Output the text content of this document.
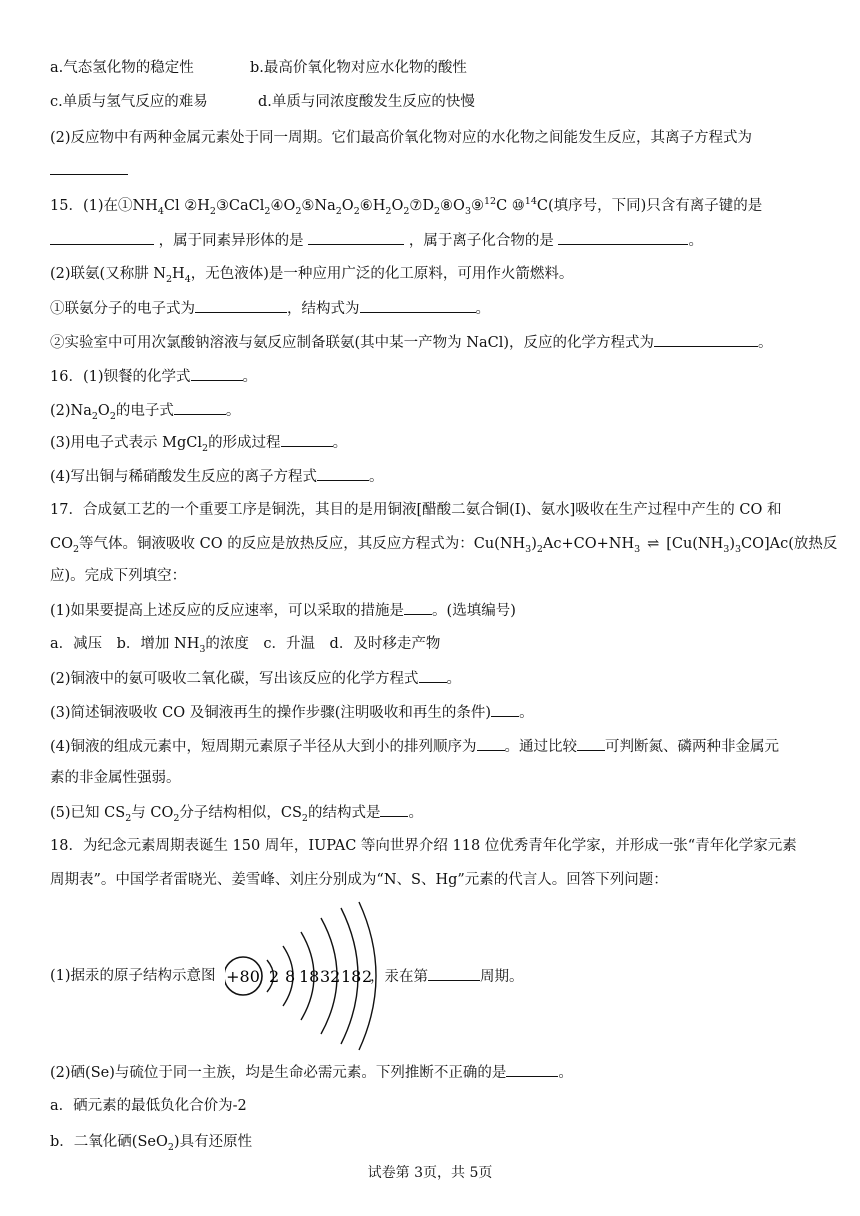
a.气态氢化物的稳定性	b.最高价氧化物对应水化物的酸性
c.单质与氢气反应的难易	d.单质与同浓度酸发生反应的快慢
(2)反应物中有两种金属元素处于同一周期。它们最高价氧化物对应的水化物之间能发生反应，其离子方程式为
15．(1)在$①NH_4Cl$ $②H_2③CaCl_2④O_2⑤Na_2O_2⑥H_2O_2⑦D_2⑧O_3⑨^{12}C$ ⑩$^{14}$C(填序号，下同)只含有离子键的是
，属于同素异形体的是	，属于离子化合物的是	。
(2)联氨(又称肼 $N_2H_4$，无色液体)是一种应用广泛的化工原料，可用作火箭燃料。
①联氨分子的电子式为	，结构式为	。
②实验室中可用次氯酸钠溶液与氨反应制备联氨(其中某一产物为 NaCl)，反应的化学方程式为	。
16．(1)钡餐的化学式	。
$(2)Na_2O_2$的电子式	。
(3)用电子式表示 MgCl$_2$的形成过程	。
(4)写出铜与稀硝酸发生反应的离子方程式	。
17．合成氨工艺的一个重要工序是铜洗，其目的是用铜液[醋酸二氨合铜(I)、氨水]吸收在生产过程中产生的 CO 和
$CO_2$等气体。铜液吸收 CO 的反应是放热反应，其反应方程式为：$Cu(NH_3)_2Ac+CO+NH_3$ ⇌ $[Cu(NH_3)_3CO]Ac$(放热反
应)。完成下列填空：
(1)如果要提高上述反应的反应速率，可以采取的措施是 。(选填编号)
a．减压　b．增加 $NH_3$的浓度　c．升温　d．及时移走产物
(2)铜液中的氨可吸收二氧化碳，写出该反应的化学方程式 。
(3)简述铜液吸收 CO 及铜液再生的操作步骤(注明吸收和再生的条件) 。
(4)铜液的组成元素中，短周期元素原子半径从大到小的排列顺序为 。通过比较 可判断氮、磷两种非金属元
素的非金属性强弱。
(5)已知 $CS_2$与 $CO_2$分子结构相似，$CS_2$的结构式是 。
18．为纪念元素周期表诞生 150 周年，IUPAC 等向世界介绍 118 位优秀青年化学家，并形成一张“青年化学家元素
周期表”。中国学者雷晓光、姜雪峰、刘庄分别成为“N、S、Hg”元素的代言人。回答下列问题：
(1)据汞的原子结构示意图	，汞在第	周期。
+80 2 8 18 32 18 2
(2)硒(Se)与硫位于同一主族，均是生命必需元素。下列推断不正确的是	。
a．硒元素的最低负化合价为-2
b．二氧化硒(SeO$_2$)具有还原性
试卷第 3页，共 5页
